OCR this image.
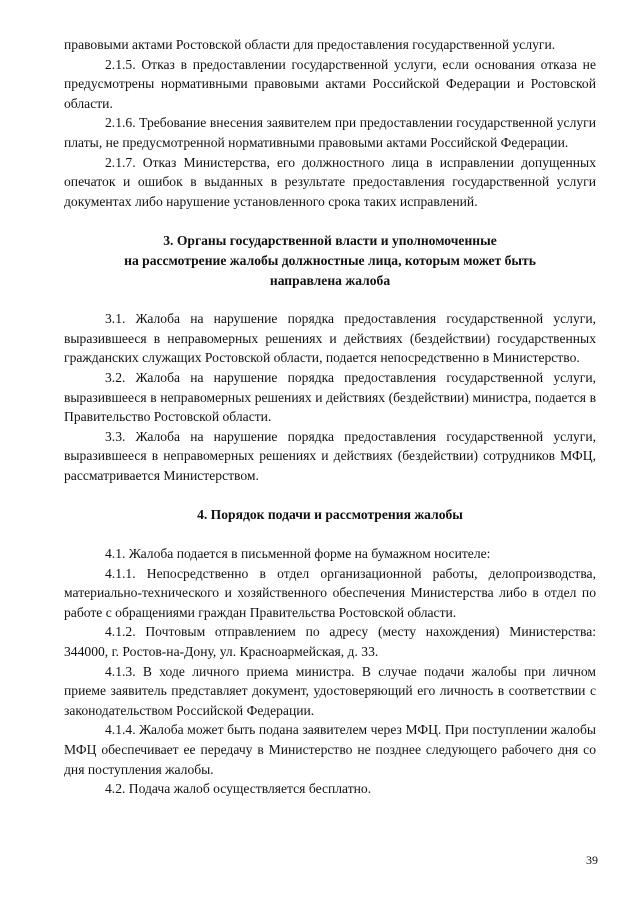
правовыми актами Ростовской области для предоставления государственной услуги.

2.1.5. Отказ в предоставлении государственной услуги, если основания отказа не предусмотрены нормативными правовыми актами Российской Федерации и Ростовской области.

2.1.6. Требование внесения заявителем при предоставлении государственной услуги платы, не предусмотренной нормативными правовыми актами Российской Федерации.

2.1.7. Отказ Министерства, его должностного лица в исправлении допущенных опечаток и ошибок в выданных в результате предоставления государственной услуги документах либо нарушение установленного срока таких исправлений.

3. Органы государственной власти и уполномоченные
на рассмотрение жалобы должностные лица, которым может быть
направлена жалоба

3.1. Жалоба на нарушение порядка предоставления государственной услуги, выразившееся в неправомерных решениях и действиях (бездействии) государственных гражданских служащих Ростовской области, подается непосредственно в Министерство.

3.2. Жалоба на нарушение порядка предоставления государственной услуги, выразившееся в неправомерных решениях и действиях (бездействии) министра, подается в Правительство Ростовской области.

3.3. Жалоба на нарушение порядка предоставления государственной услуги, выразившееся в неправомерных решениях и действиях (бездействии) сотрудников МФЦ, рассматривается Министерством.

4. Порядок подачи и рассмотрения жалобы

4.1. Жалоба подается в письменной форме на бумажном носителе:

4.1.1. Непосредственно в отдел организационной работы, делопроизводства, материально-технического и хозяйственного обеспечения Министерства либо в отдел по работе с обращениями граждан Правительства Ростовской области.

4.1.2. Почтовым отправлением по адресу (месту нахождения) Министерства: 344000, г. Ростов-на-Дону, ул. Красноармейская, д. 33.

4.1.3. В ходе личного приема министра. В случае подачи жалобы при личном приеме заявитель представляет документ, удостоверяющий его личность в соответствии с законодательством Российской Федерации.

4.1.4. Жалоба может быть подана заявителем через МФЦ. При поступлении жалобы МФЦ обеспечивает ее передачу в Министерство не позднее следующего рабочего дня со дня поступления жалобы.

4.2. Подача жалоб осуществляется бесплатно.

39
